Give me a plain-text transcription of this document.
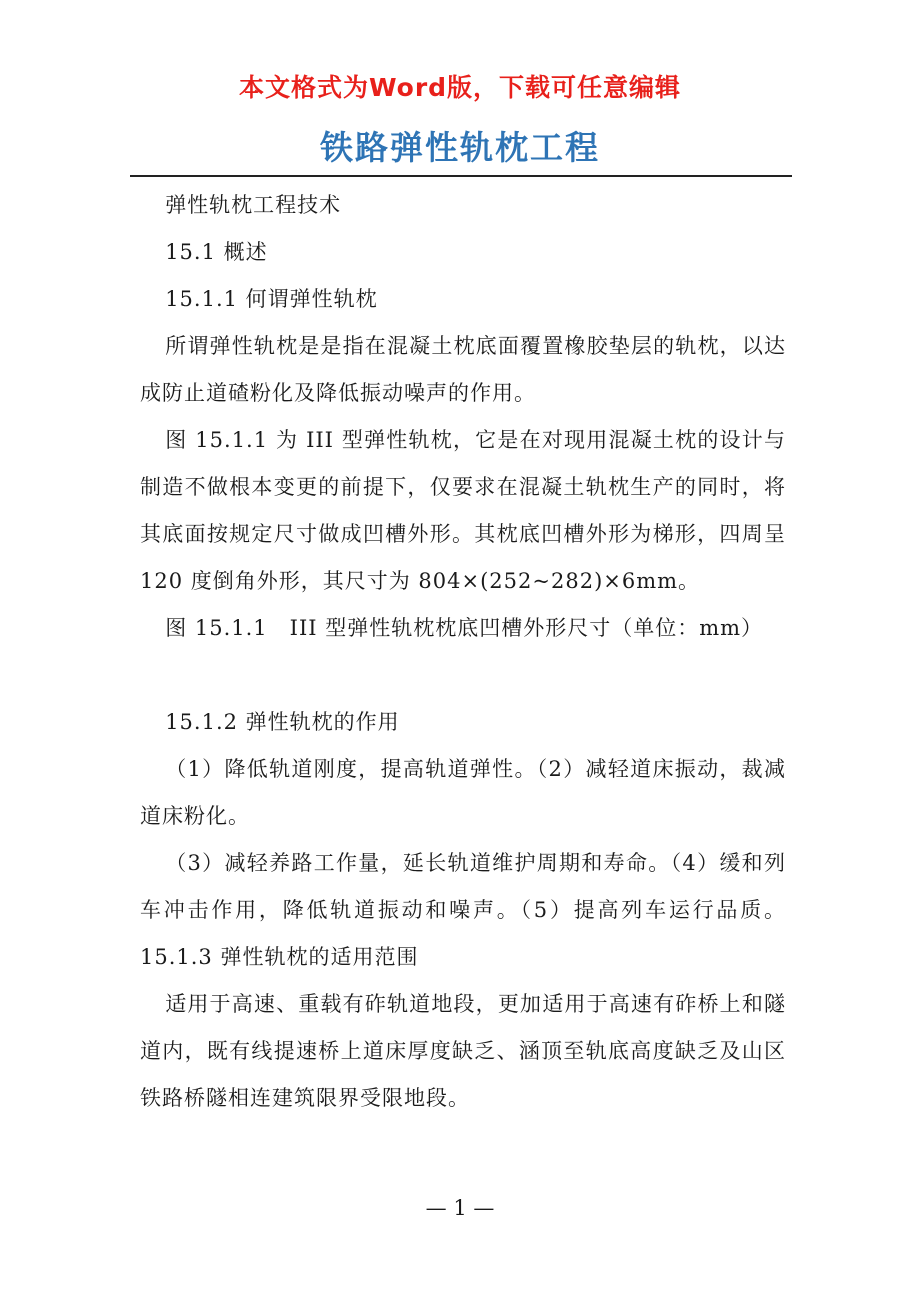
本文格式为Word版，下载可任意编辑
铁路弹性轨枕工程

弹性轨枕工程技术

15.1 概述

15.1.1 何谓弹性轨枕

所谓弹性轨枕是是指在混凝土枕底面覆置橡胶垫层的轨枕，以达成防止道碴粉化及降低振动噪声的作用。

图 15.1.1 为 III 型弹性轨枕，它是在对现用混凝土枕的设计与制造不做根本变更的前提下，仅要求在混凝土轨枕生产的同时，将其底面按规定尺寸做成凹槽外形。其枕底凹槽外形为梯形，四周呈 120 度倒角外形，其尺寸为 804×(252~282)×6mm。

图 15.1.1　III 型弹性轨枕枕底凹槽外形尺寸（单位：mm）

15.1.2 弹性轨枕的作用

（1）降低轨道刚度，提高轨道弹性。（2）减轻道床振动，裁减道床粉化。

（3）减轻养路工作量，延长轨道维护周期和寿命。（4）缓和列车冲击作用，降低轨道振动和噪声。（5）提高列车运行品质。15.1.3 弹性轨枕的适用范围

适用于高速、重载有砟轨道地段，更加适用于高速有砟桥上和隧道内，既有线提速桥上道床厚度缺乏、涵顶至轨底高度缺乏及山区铁路桥隧相连建筑限界受限地段。

— 1 —
